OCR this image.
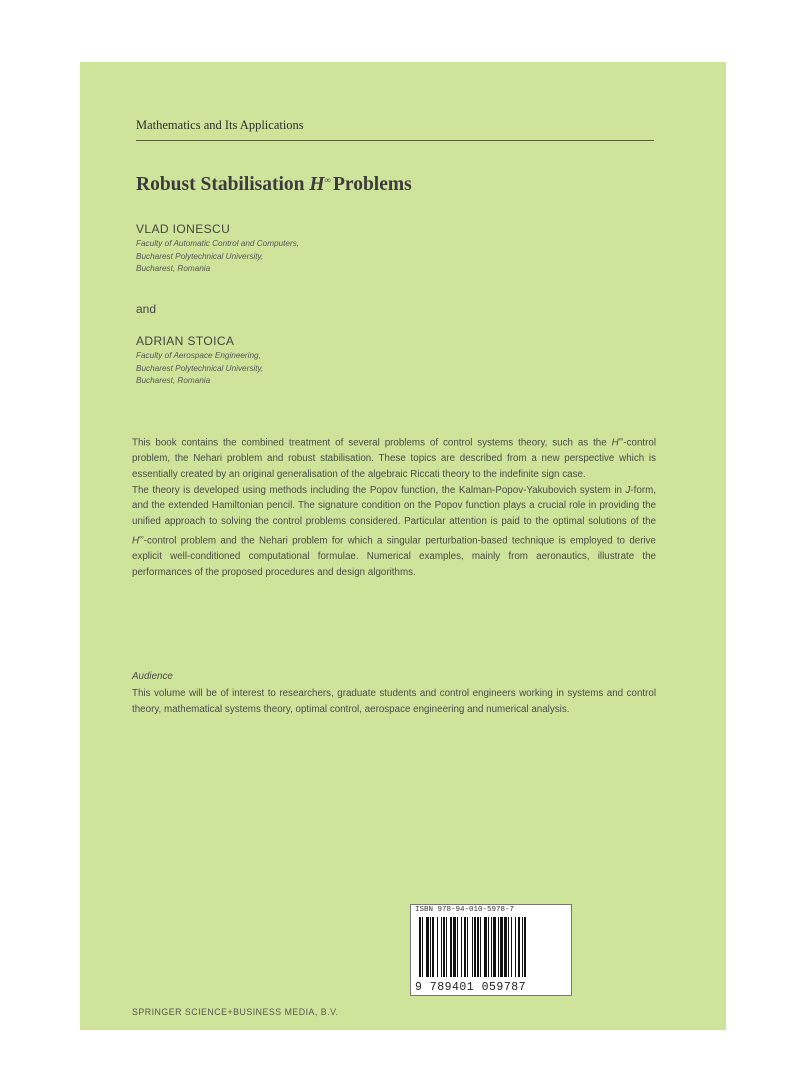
Mathematics and Its Applications
Robust Stabilisation H∞ Problems
VLAD IONESCU
Faculty of Automatic Control and Computers,
Bucharest Polytechnical University,
Bucharest, Romania
and
ADRIAN STOICA
Faculty of Aerospace Engineering,
Bucharest Polytechnical University,
Bucharest, Romania

This book contains the combined treatment of several problems of control systems theory, such as the H∞-control problem, the Nehari problem and robust stabilisation. These topics are described from a new perspective which is essentially created by an original generalisation of the algebraic Riccati theory to the indefinite sign case.

The theory is developed using methods including the Popov function, the Kalman-Popov-Yakubovich system in J-form, and the extended Hamiltonian pencil. The signature condition on the Popov function plays a crucial role in providing the unified approach to solving the control problems considered. Particular attention is paid to the optimal solutions of the H∞-control problem and the Nehari problem for which a singular perturbation-based technique is employed to derive explicit well-conditioned computational formulae. Numerical examples, mainly from aeronautics, illustrate the performances of the proposed procedures and design algorithms.

Audience

This volume will be of interest to researchers, graduate students and control engineers working in systems and control theory, mathematical systems theory, optimal control, aerospace engineering and numerical analysis.

ISBN 978-94-010-5978-7
9 789401 059787
SPRINGER SCIENCE+BUSINESS MEDIA, B.V.
